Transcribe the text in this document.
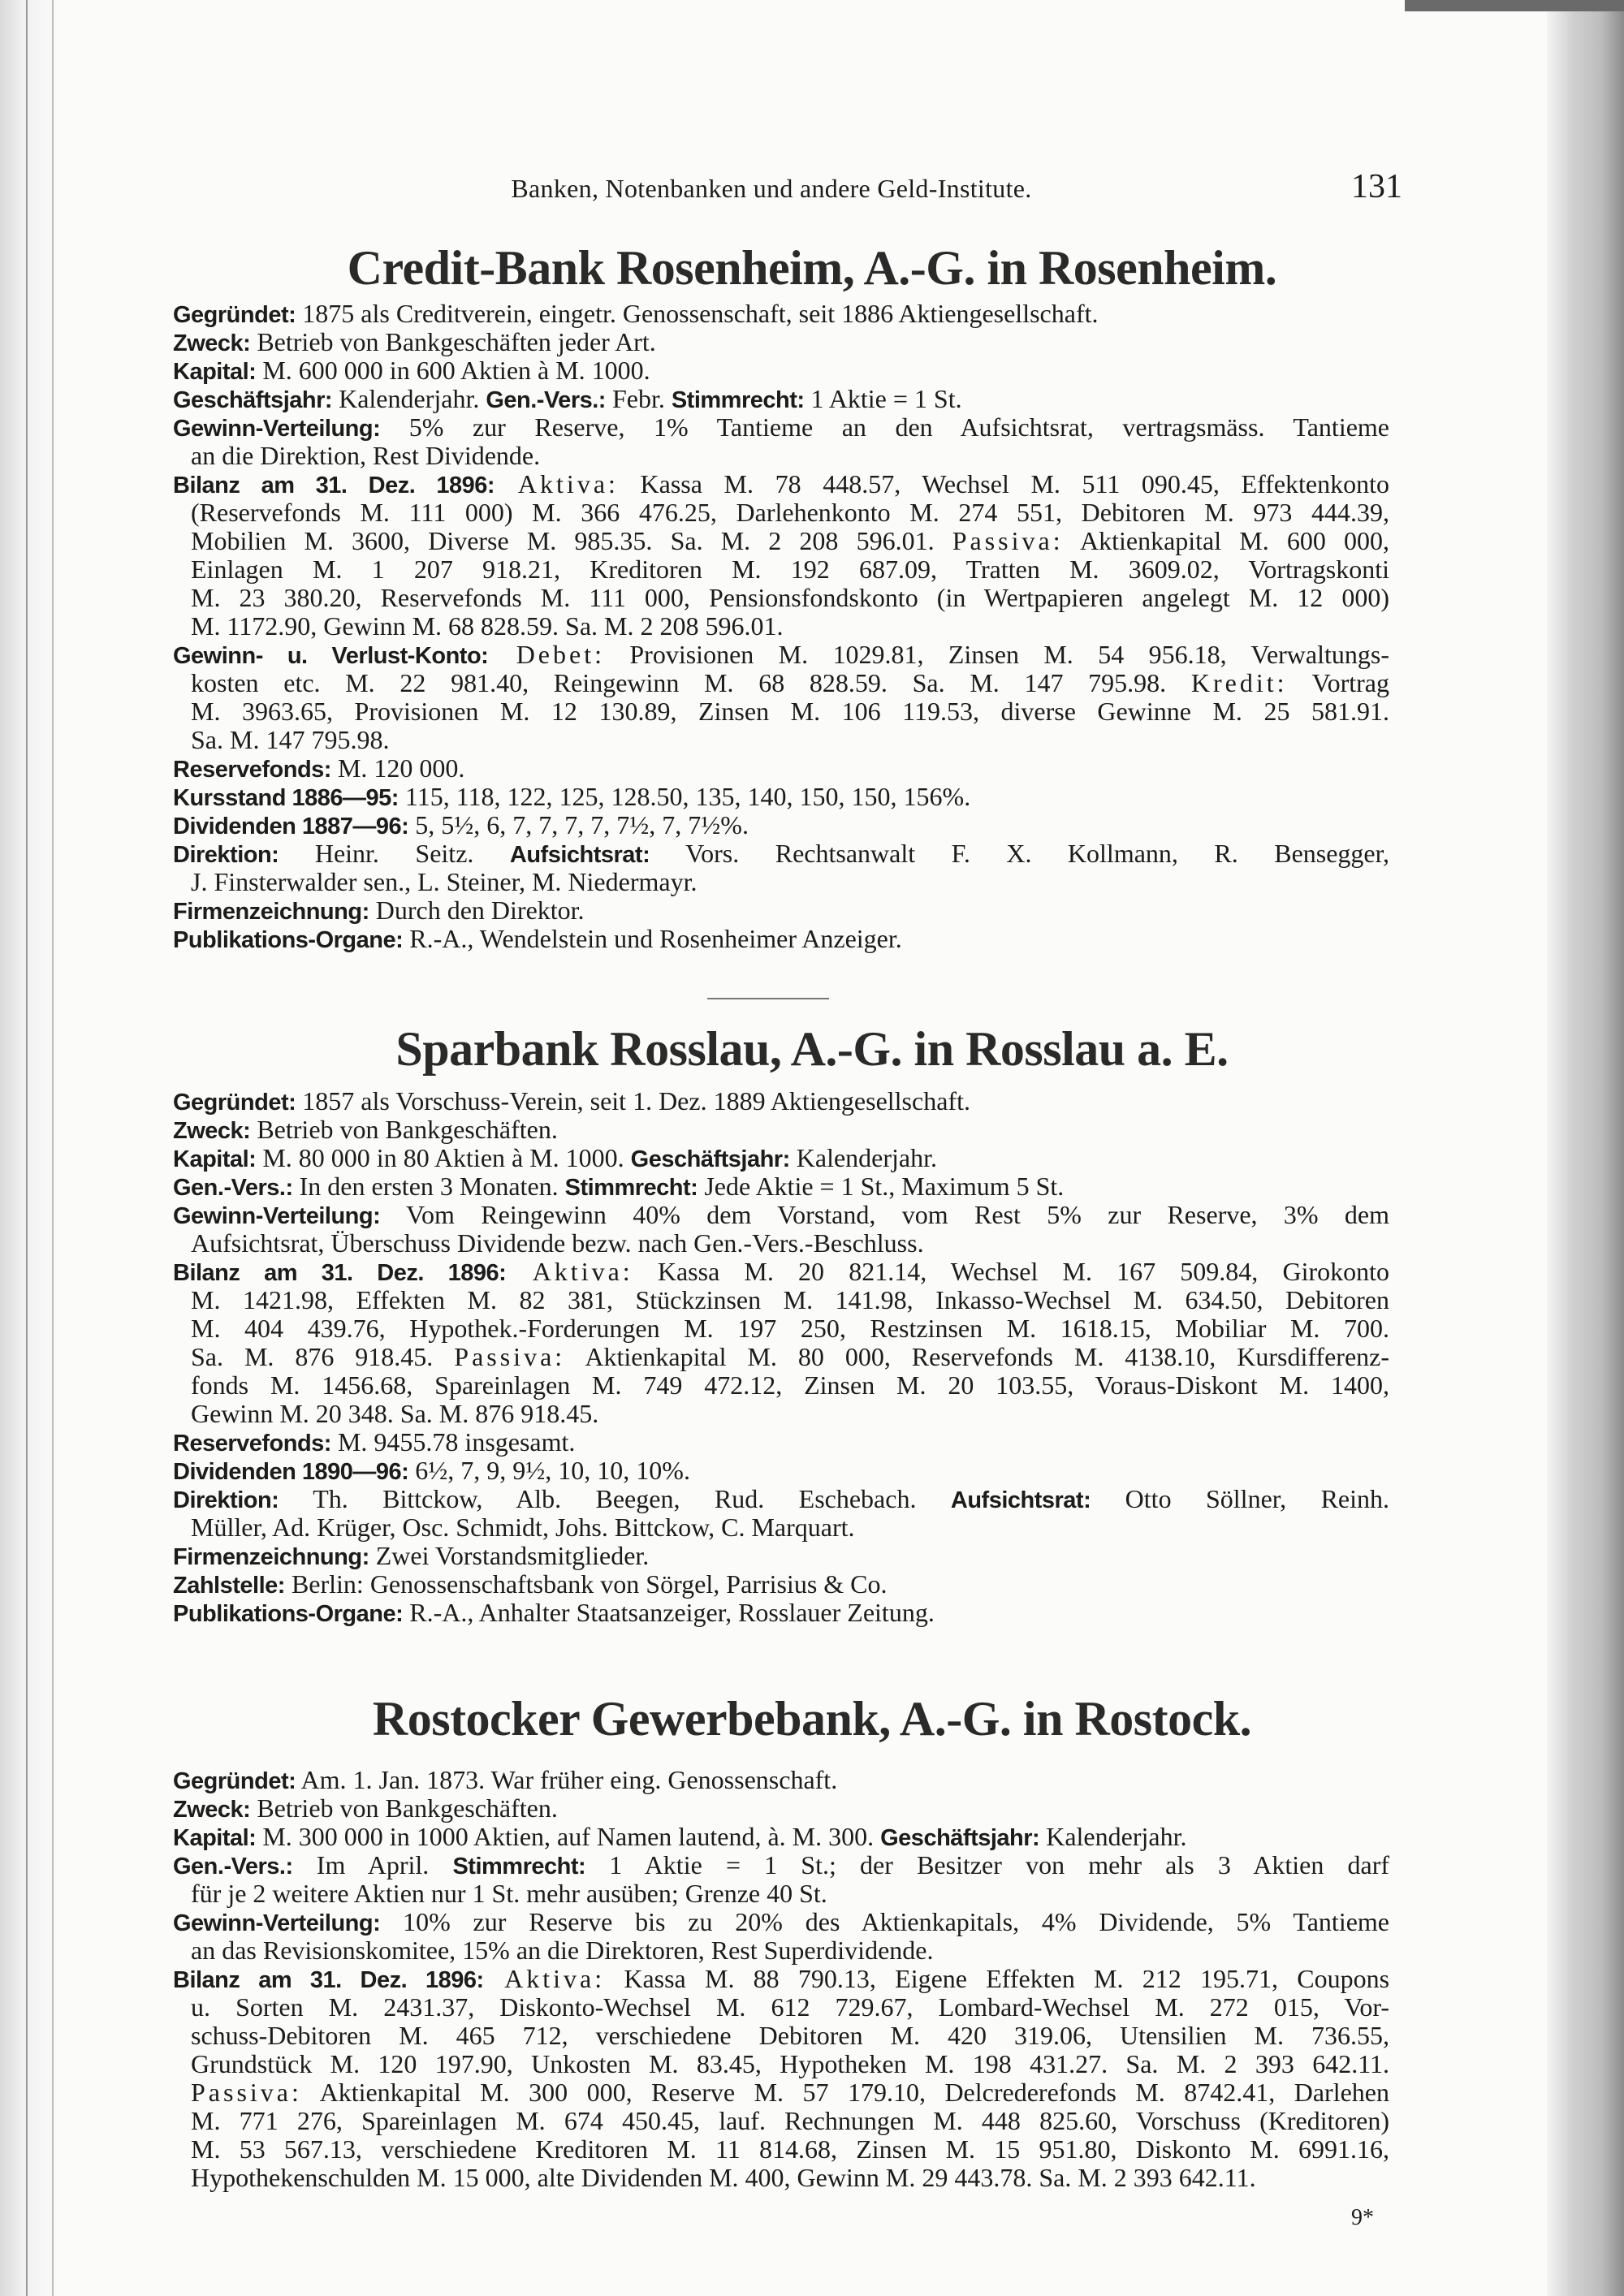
Banken, Notenbanken und andere Geld-Institute.	131
Credit-Bank Rosenheim, A.-G. in Rosenheim.
Gegründet: 1875 als Creditverein, eingetr. Genossenschaft, seit 1886 Aktiengesellschaft.
Zweck: Betrieb von Bankgeschäften jeder Art.
Kapital: M. 600 000 in 600 Aktien à M. 1000.
Geschäftsjahr: Kalenderjahr. Gen.-Vers.: Febr. Stimmrecht: 1 Aktie = 1 St.
Gewinn-Verteilung: 5% zur Reserve, 1% Tantieme an den Aufsichtsrat, vertragsmäss. Tantieme
an die Direktion, Rest Dividende.
Bilanz am 31. Dez. 1896: Aktiva: Kassa M. 78 448.57, Wechsel M. 511 090.45, Effektenkonto
(Reservefonds M. 111 000) M. 366 476.25, Darlehenkonto M. 274 551, Debitoren M. 973 444.39,
Mobilien M. 3600, Diverse M. 985.35. Sa. M. 2 208 596.01. Passiva: Aktienkapital M. 600 000,
Einlagen M. 1 207 918.21, Kreditoren M. 192 687.09, Tratten M. 3609.02, Vortragskonti
M. 23 380.20, Reservefonds M. 111 000, Pensionsfondskonto (in Wertpapieren angelegt M. 12 000)
M. 1172.90, Gewinn M. 68 828.59. Sa. M. 2 208 596.01.
Gewinn- u. Verlust-Konto: Debet: Provisionen M. 1029.81, Zinsen M. 54 956.18, Verwaltungs-
kosten etc. M. 22 981.40, Reingewinn M. 68 828.59. Sa. M. 147 795.98. Kredit: Vortrag
M. 3963.65, Provisionen M. 12 130.89, Zinsen M. 106 119.53, diverse Gewinne M. 25 581.91.
Sa. M. 147 795.98.
Reservefonds: M. 120 000.
Kursstand 1886—95: 115, 118, 122, 125, 128.50, 135, 140, 150, 150, 156%.
Dividenden 1887—96: 5, 5½, 6, 7, 7, 7, 7, 7½, 7, 7½%.
Direktion: Heinr. Seitz. Aufsichtsrat: Vors. Rechtsanwalt F. X. Kollmann, R. Bensegger,
J. Finsterwalder sen., L. Steiner, M. Niedermayr.
Firmenzeichnung: Durch den Direktor.
Publikations-Organe: R.-A., Wendelstein und Rosenheimer Anzeiger.
Sparbank Rosslau, A.-G. in Rosslau a. E.
Gegründet: 1857 als Vorschuss-Verein, seit 1. Dez. 1889 Aktiengesellschaft.
Zweck: Betrieb von Bankgeschäften.
Kapital: M. 80 000 in 80 Aktien à M. 1000. Geschäftsjahr: Kalenderjahr.
Gen.-Vers.: In den ersten 3 Monaten. Stimmrecht: Jede Aktie = 1 St., Maximum 5 St.
Gewinn-Verteilung: Vom Reingewinn 40% dem Vorstand, vom Rest 5% zur Reserve, 3% dem
Aufsichtsrat, Überschuss Dividende bezw. nach Gen.-Vers.-Beschluss.
Bilanz am 31. Dez. 1896: Aktiva: Kassa M. 20 821.14, Wechsel M. 167 509.84, Girokonto
M. 1421.98, Effekten M. 82 381, Stückzinsen M. 141.98, Inkasso-Wechsel M. 634.50, Debitoren
M. 404 439.76, Hypothek.-Forderungen M. 197 250, Restzinsen M. 1618.15, Mobiliar M. 700.
Sa. M. 876 918.45. Passiva: Aktienkapital M. 80 000, Reservefonds M. 4138.10, Kursdifferenz-
fonds M. 1456.68, Spareinlagen M. 749 472.12, Zinsen M. 20 103.55, Voraus-Diskont M. 1400,
Gewinn M. 20 348. Sa. M. 876 918.45.
Reservefonds: M. 9455.78 insgesamt.
Dividenden 1890—96: 6½, 7, 9, 9½, 10, 10, 10%.
Direktion: Th. Bittckow, Alb. Beegen, Rud. Eschebach. Aufsichtsrat: Otto Söllner, Reinh.
Müller, Ad. Krüger, Osc. Schmidt, Johs. Bittckow, C. Marquart.
Firmenzeichnung: Zwei Vorstandsmitglieder.
Zahlstelle: Berlin: Genossenschaftsbank von Sörgel, Parrisius & Co.
Publikations-Organe: R.-A., Anhalter Staatsanzeiger, Rosslauer Zeitung.
Rostocker Gewerbebank, A.-G. in Rostock.
Gegründet: Am. 1. Jan. 1873. War früher eing. Genossenschaft.
Zweck: Betrieb von Bankgeschäften.
Kapital: M. 300 000 in 1000 Aktien, auf Namen lautend, à. M. 300. Geschäftsjahr: Kalenderjahr.
Gen.-Vers.: Im April. Stimmrecht: 1 Aktie = 1 St.; der Besitzer von mehr als 3 Aktien darf
für je 2 weitere Aktien nur 1 St. mehr ausüben; Grenze 40 St.
Gewinn-Verteilung: 10% zur Reserve bis zu 20% des Aktienkapitals, 4% Dividende, 5% Tantieme
an das Revisionskomitee, 15% an die Direktoren, Rest Superdividende.
Bilanz am 31. Dez. 1896: Aktiva: Kassa M. 88 790.13, Eigene Effekten M. 212 195.71, Coupons
u. Sorten M. 2431.37, Diskonto-Wechsel M. 612 729.67, Lombard-Wechsel M. 272 015, Vor-
schuss-Debitoren M. 465 712, verschiedene Debitoren M. 420 319.06, Utensilien M. 736.55,
Grundstück M. 120 197.90, Unkosten M. 83.45, Hypotheken M. 198 431.27. Sa. M. 2 393 642.11.
Passiva: Aktienkapital M. 300 000, Reserve M. 57 179.10, Delcrederefonds M. 8742.41, Darlehen
M. 771 276, Spareinlagen M. 674 450.45, lauf. Rechnungen M. 448 825.60, Vorschuss (Kreditoren)
M. 53 567.13, verschiedene Kreditoren M. 11 814.68, Zinsen M. 15 951.80, Diskonto M. 6991.16,
Hypothekenschulden M. 15 000, alte Dividenden M. 400, Gewinn M. 29 443.78. Sa. M. 2 393 642.11.
9*
